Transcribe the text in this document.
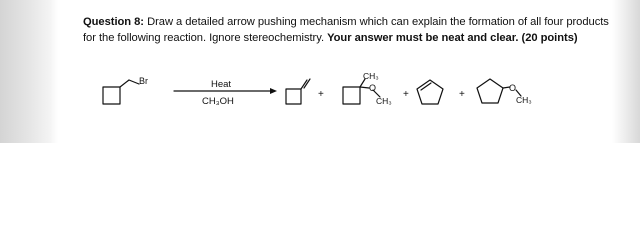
Question 8: Draw a detailed arrow pushing mechanism which can explain the formation of all four products for the following reaction. Ignore stereochemistry. Your answer must be neat and clear. (20 points)
Br	Heat
CH₃OH
+
CH₃
O
CH₃
+	+
O
CH₃
